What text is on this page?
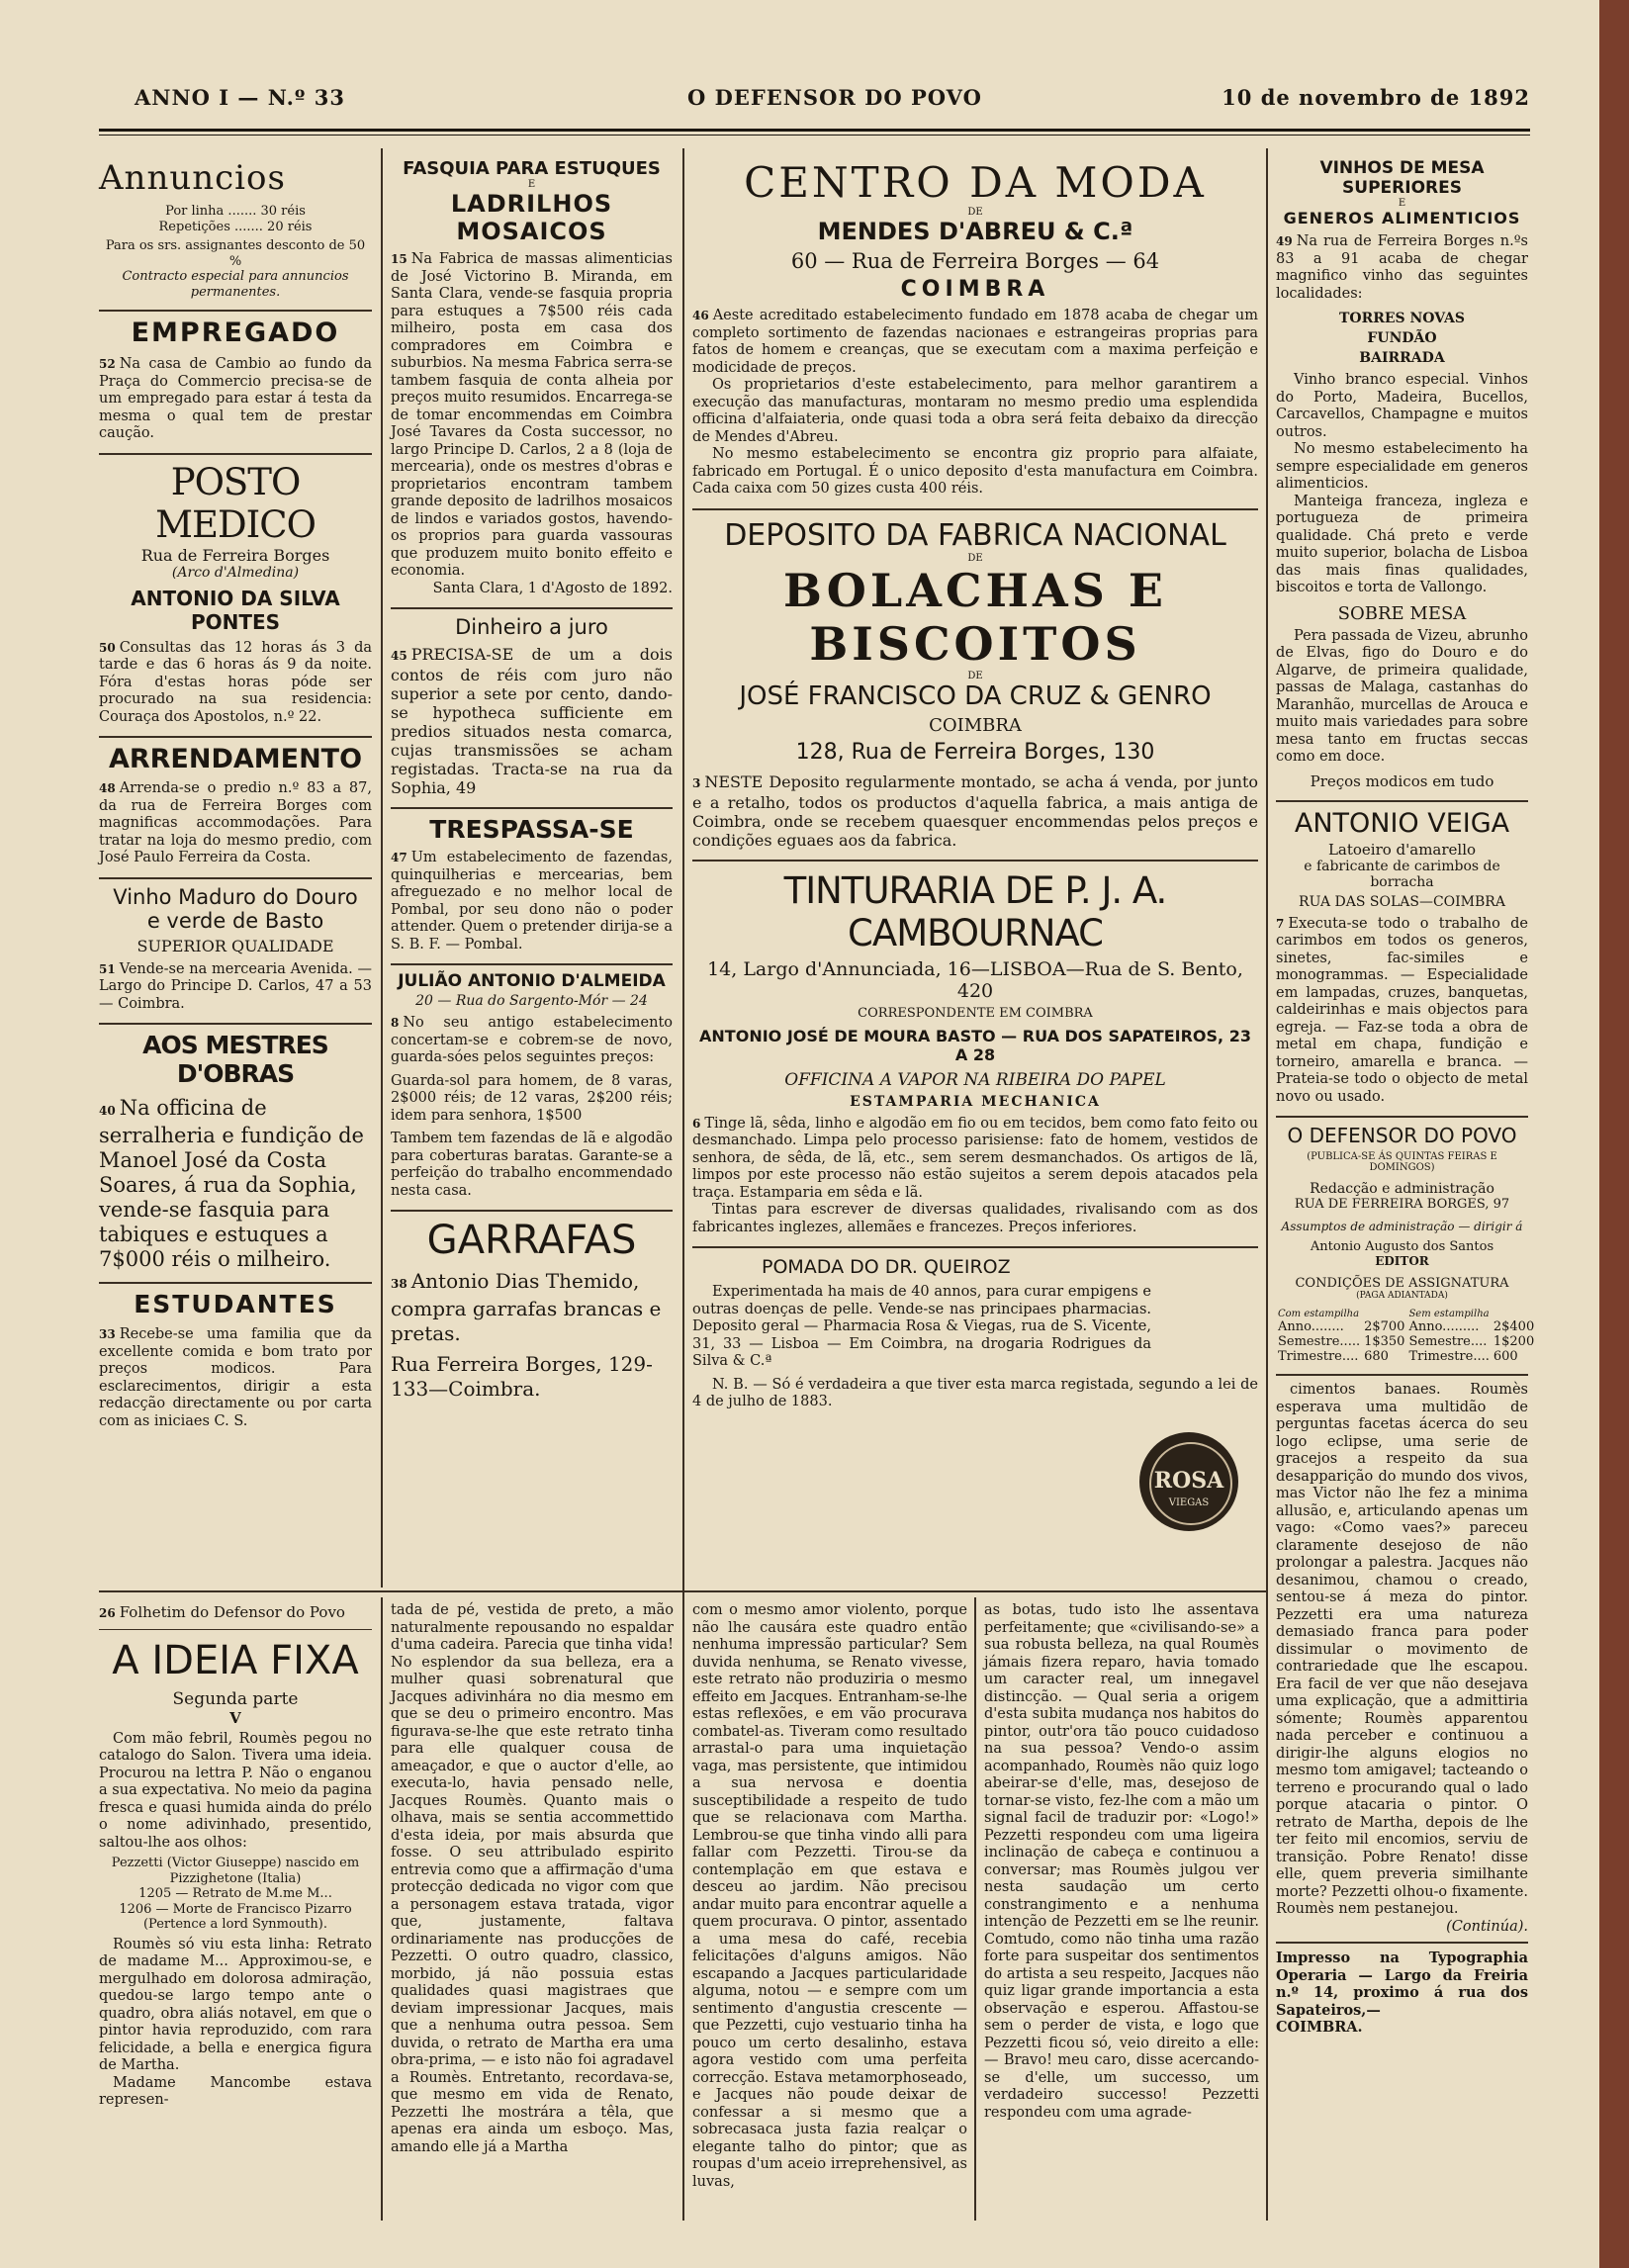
ANNO I — N.º 33	O DEFENSOR DO POVO	10 de novembro de 1892

Annuncios

Por linha ....... 30 réis

Repetições ....... 20 réis

Para os srs. assignantes desconto de 50 %

Contracto especial para annuncios permanentes.

EMPREGADO

52 Na casa de Cambio ao fundo da Praça do Commercio precisa-se de um empregado para estar á testa da mesma o qual tem de prestar caução.

POSTO MEDICO

Rua de Ferreira Borges

(Arco d'Almedina)

ANTONIO DA SILVA PONTES

50 Consultas das 12 horas ás 3 da tarde e das 6 horas ás 9 da noite. Fóra d'estas horas póde ser procurado na sua residencia: Couraça dos Apostolos, n.º 22.

ARRENDAMENTO

48 Arrenda-se o predio n.º 83 a 87, da rua de Ferreira Borges com magnificas accommodações. Para tratar na loja do mesmo predio, com José Paulo Ferreira da Costa.

Vinho Maduro do Douro

e verde de Basto

SUPERIOR QUALIDADE

51 Vende-se na mercearia Avenida. — Largo do Principe D. Carlos, 47 a 53 — Coimbra.

AOS MESTRES D'OBRAS

40 Na officina de serralheria e fundição de Manoel José da Costa Soares, á rua da Sophia, vende-se fasquia para tabiques e estuques a 7$000 réis o milheiro.

ESTUDANTES

33 Recebe-se uma familia que da excellente comida e bom trato por preços modicos. Para esclarecimentos, dirigir a esta redacção directamente ou por carta com as iniciaes C. S.

FASQUIA PARA ESTUQUES

E

LADRILHOS MOSAICOS

15 Na Fabrica de massas alimenticias de José Victorino B. Miranda, em Santa Clara, vende-se fasquia propria para estuques a 7$500 réis cada milheiro, posta em casa dos compradores em Coimbra e suburbios. Na mesma Fabrica serra-se tambem fasquia de conta alheia por preços muito resumidos. Encarrega-se de tomar encommendas em Coimbra José Tavares da Costa successor, no largo Principe D. Carlos, 2 a 8 (loja de mercearia), onde os mestres d'obras e proprietarios encontram tambem grande deposito de ladrilhos mosaicos de lindos e variados gostos, havendo-os proprios para guarda vassouras que produzem muito bonito effeito e economia.

Santa Clara, 1 d'Agosto de 1892.

Dinheiro a juro

45 PRECISA-SE de um a dois contos de réis com juro não superior a sete por cento, dando-se hypotheca sufficiente em predios situados nesta comarca, cujas transmissões se acham registadas. Tracta-se na rua da Sophia, 49

TRESPASSA-SE

47 Um estabelecimento de fazendas, quinquilherias e mercearias, bem afreguezado e no melhor local de Pombal, por seu dono não o poder attender. Quem o pretender dirija-se a S. B. F. — Pombal.

JULIÃO ANTONIO D'ALMEIDA

20 — Rua do Sargento-Mór — 24

8 No seu antigo estabelecimento concertam-se e cobrem-se de novo, guarda-sóes pelos seguintes preços:

Guarda-sol para homem, de 8 varas, 2$000 réis; de 12 varas, 2$200 réis; idem para senhora, 1$500

Tambem tem fazendas de lã e algodão para coberturas baratas. Garante-se a perfeição do trabalho encommendado nesta casa.

GARRAFAS

38 Antonio Dias Themido, compra garrafas brancas e pretas.

Rua Ferreira Borges, 129-133—Coimbra.

CENTRO DA MODA

DE

MENDES D'ABREU & C.ª

60 — Rua de Ferreira Borges — 64

COIMBRA

46 Aeste acreditado estabelecimento fundado em 1878 acaba de chegar um completo sortimento de fazendas nacionaes e estrangeiras proprias para fatos de homem e creanças, que se executam com a maxima perfeição e modicidade de preços.

Os proprietarios d'este estabelecimento, para melhor garantirem a execução das manufacturas, montaram no mesmo predio uma esplendida officina d'alfaiateria, onde quasi toda a obra será feita debaixo da direcção de Mendes d'Abreu.

No mesmo estabelecimento se encontra giz proprio para alfaiate, fabricado em Portugal. É o unico deposito d'esta manufactura em Coimbra. Cada caixa com 50 gizes custa 400 réis.

DEPOSITO DA FABRICA NACIONAL

DE

BOLACHAS E BISCOITOS

DE

JOSÉ FRANCISCO DA CRUZ & GENRO

COIMBRA

128, Rua de Ferreira Borges, 130

3 NESTE Deposito regularmente montado, se acha á venda, por junto e a retalho, todos os productos d'aquella fabrica, a mais antiga de Coimbra, onde se recebem quaesquer encommendas pelos preços e condições eguaes aos da fabrica.

TINTURARIA DE P. J. A. CAMBOURNAC

14, Largo d'Annunciada, 16—LISBOA—Rua de S. Bento, 420

CORRESPONDENTE EM COIMBRA

ANTONIO JOSÉ DE MOURA BASTO — RUA DOS SAPATEIROS, 23 A 28

OFFICINA A VAPOR NA RIBEIRA DO PAPEL

ESTAMPARIA MECHANICA

6 Tinge lã, sêda, linho e algodão em fio ou em tecidos, bem como fato feito ou desmanchado. Limpa pelo processo parisiense: fato de homem, vestidos de senhora, de sêda, de lã, etc., sem serem desmanchados. Os artigos de lã, limpos por este processo não estão sujeitos a serem depois atacados pela traça. Estamparia em sêda e lã.

Tintas para escrever de diversas qualidades, rivalisando com as dos fabricantes inglezes, allemães e francezes. Preços inferiores.

POMADA DO DR. QUEIROZ

Experimentada ha mais de 40 annos, para curar empigens e outras doenças de pelle. Vende-se nas principaes pharmacias. Deposito geral — Pharmacia Rosa & Viegas, rua de S. Vicente, 31, 33 — Lisboa — Em Coimbra, na drogaria Rodrigues da Silva & C.ª

N. B. — Só é verdadeira a que tiver esta marca registada, segundo a lei de 4 de julho de 1883.

ROSA
VIEGAS

VINHOS DE MESA SUPERIORES

E

GENEROS ALIMENTICIOS

49 Na rua de Ferreira Borges n.ºs 83 a 91 acaba de chegar magnifico vinho das seguintes localidades:

TORRES NOVAS

FUNDÃO

BAIRRADA

Vinho branco especial. Vinhos do Porto, Madeira, Bucellos, Carcavellos, Champagne e muitos outros.

No mesmo estabelecimento ha sempre especialidade em generos alimenticios.

Manteiga franceza, ingleza e portugueza de primeira qualidade. Chá preto e verde muito superior, bolacha de Lisboa das mais finas qualidades, biscoitos e torta de Vallongo.

SOBRE MESA

Pera passada de Vizeu, abrunho de Elvas, figo do Douro e do Algarve, de primeira qualidade, passas de Malaga, castanhas do Maranhão, murcellas de Arouca e muito mais variedades para sobre mesa tanto em fructas seccas como em doce.

Preços modicos em tudo

ANTONIO VEIGA

Latoeiro d'amarello

e fabricante de carimbos de borracha

RUA DAS SOLAS—COIMBRA

7 Executa-se todo o trabalho de carimbos em todos os generos, sinetes, fac-similes e monogrammas. — Especialidade em lampadas, cruzes, banquetas, caldeirinhas e mais objectos para egreja. — Faz-se toda a obra de metal em chapa, fundição e torneiro, amarella e branca. — Prateia-se todo o objecto de metal novo ou usado.

O DEFENSOR DO POVO

(PUBLICA-SE ÁS QUINTAS FEIRAS E DOMINGOS)

Redacção e administração

RUA DE FERREIRA BORGES, 97

Assumptos de administração — dirigir á

Antonio Augusto dos Santos

EDITOR

CONDIÇÕES DE ASSIGNATURA

(PAGA ADIANTADA)

Com estampilha		Sem estampilha	
Anno........	2$700	Anno.........	2$400
Semestre.....	1$350	Semestre....	1$200
Trimestre....	680	Trimestre....	600

cimentos banaes. Roumès esperava uma multidão de perguntas facetas ácerca do seu logo eclipse, uma serie de gracejos a respeito da sua desapparição do mundo dos vivos, mas Victor não lhe fez a minima allusão, e, articulando apenas um vago: «Como vaes?» pareceu claramente desejoso de não prolongar a palestra. Jacques não desanimou, chamou o creado, sentou-se á meza do pintor. Pezzetti era uma natureza demasiado franca para poder dissimular o movimento de contrariedade que lhe escapou. Era facil de ver que não desejava uma explicação, que a admittiria sómente; Roumès apparentou nada perceber e continuou a dirigir-lhe alguns elogios no mesmo tom amigavel; tacteando o terreno e procurando qual o lado porque atacaria o pintor. O retrato de Martha, depois de lhe ter feito mil encomios, serviu de transição. Pobre Renato! disse elle, quem preveria similhante morte? Pezzetti olhou-o fixamente. Roumès nem pestanejou.

(Continúa).

Impresso na Typographia Operaria — Largo da Freiria n.º 14, proximo á rua dos Sapateiros,—

COIMBRA.

26 Folhetim do Defensor do Povo

A IDEIA FIXA

Segunda parte

V

Com mão febril, Roumès pegou no catalogo do Salon. Tivera uma ideia. Procurou na lettra P. Não o enganou a sua expectativa. No meio da pagina fresca e quasi humida ainda do prélo o nome adivinhado, presentido, saltou-lhe aos olhos:

Pezzetti (Victor Giuseppe) nascido em Pizzighetone (Italia)

1205 — Retrato de M.me M...

1206 — Morte de Francisco Pizarro (Pertence a lord Synmouth).

Roumès só viu esta linha: Retrato de madame M... Approximou-se, e mergulhado em dolorosa admiração, quedou-se largo tempo ante o quadro, obra aliás notavel, em que o pintor havia reproduzido, com rara felicidade, a bella e energica figura de Martha.

Madame Mancombe estava represen-

tada de pé, vestida de preto, a mão naturalmente repousando no espaldar d'uma cadeira. Parecia que tinha vida! No esplendor da sua belleza, era a mulher quasi sobrenatural que Jacques adivinhára no dia mesmo em que se deu o primeiro encontro. Mas figurava-se-lhe que este retrato tinha para elle qualquer cousa de ameaçador, e que o auctor d'elle, ao executa-lo, havia pensado nelle, Jacques Roumès. Quanto mais o olhava, mais se sentia accommettido d'esta ideia, por mais absurda que fosse. O seu attribulado espirito entrevia como que a affirmação d'uma protecção dedicada no vigor com que a personagem estava tratada, vigor que, justamente, faltava ordinariamente nas producções de Pezzetti. O outro quadro, classico, morbido, já não possuia estas qualidades quasi magistraes que deviam impressionar Jacques, mais que a nenhuma outra pessoa. Sem duvida, o retrato de Martha era uma obra-prima, — e isto não foi agradavel a Roumès. Entretanto, recordava-se, que mesmo em vida de Renato, Pezzetti lhe mostrára a têla, que apenas era ainda um esboço. Mas, amando elle já a Martha

com o mesmo amor violento, porque não lhe causára este quadro então nenhuma impressão particular? Sem duvida nenhuma, se Renato vivesse, este retrato não produziria o mesmo effeito em Jacques. Entranham-se-lhe estas reflexões, e em vão procurava combatel-as. Tiveram como resultado arrastal-o para uma inquietação vaga, mas persistente, que intimidou a sua nervosa e doentia susceptibilidade a respeito de tudo que se relacionava com Martha. Lembrou-se que tinha vindo alli para fallar com Pezzetti. Tirou-se da contemplação em que estava e desceu ao jardim. Não precisou andar muito para encontrar aquelle a quem procurava. O pintor, assentado a uma mesa do café, recebia felicitações d'alguns amigos. Não escapando a Jacques particularidade alguma, notou — e sempre com um sentimento d'angustia crescente — que Pezzetti, cujo vestuario tinha ha pouco um certo desalinho, estava agora vestido com uma perfeita correcção. Estava metamorphoseado, e Jacques não poude deixar de confessar a si mesmo que a sobrecasaca justa fazia realçar o elegante talho do pintor; que as roupas d'um aceio irreprehensivel, as luvas,

as botas, tudo isto lhe assentava perfeitamente; que «civilisando-se» a sua robusta belleza, na qual Roumès jámais fizera reparo, havia tomado um caracter real, um innegavel distincção. — Qual seria a origem d'esta subita mudança nos habitos do pintor, outr'ora tão pouco cuidadoso na sua pessoa? Vendo-o assim acompanhado, Roumès não quiz logo abeirar-se d'elle, mas, desejoso de tornar-se visto, fez-lhe com a mão um signal facil de traduzir por: «Logo!» Pezzetti respondeu com uma ligeira inclinação de cabeça e continuou a conversar; mas Roumès julgou ver nesta saudação um certo constrangimento e a nenhuma intenção de Pezzetti em se lhe reunir. Comtudo, como não tinha uma razão forte para suspeitar dos sentimentos do artista a seu respeito, Jacques não quiz ligar grande importancia a esta observação e esperou. Affastou-se sem o perder de vista, e logo que Pezzetti ficou só, veio direito a elle: — Bravo! meu caro, disse acercando-se d'elle, um successo, um verdadeiro successo! Pezzetti respondeu com uma agrade-
